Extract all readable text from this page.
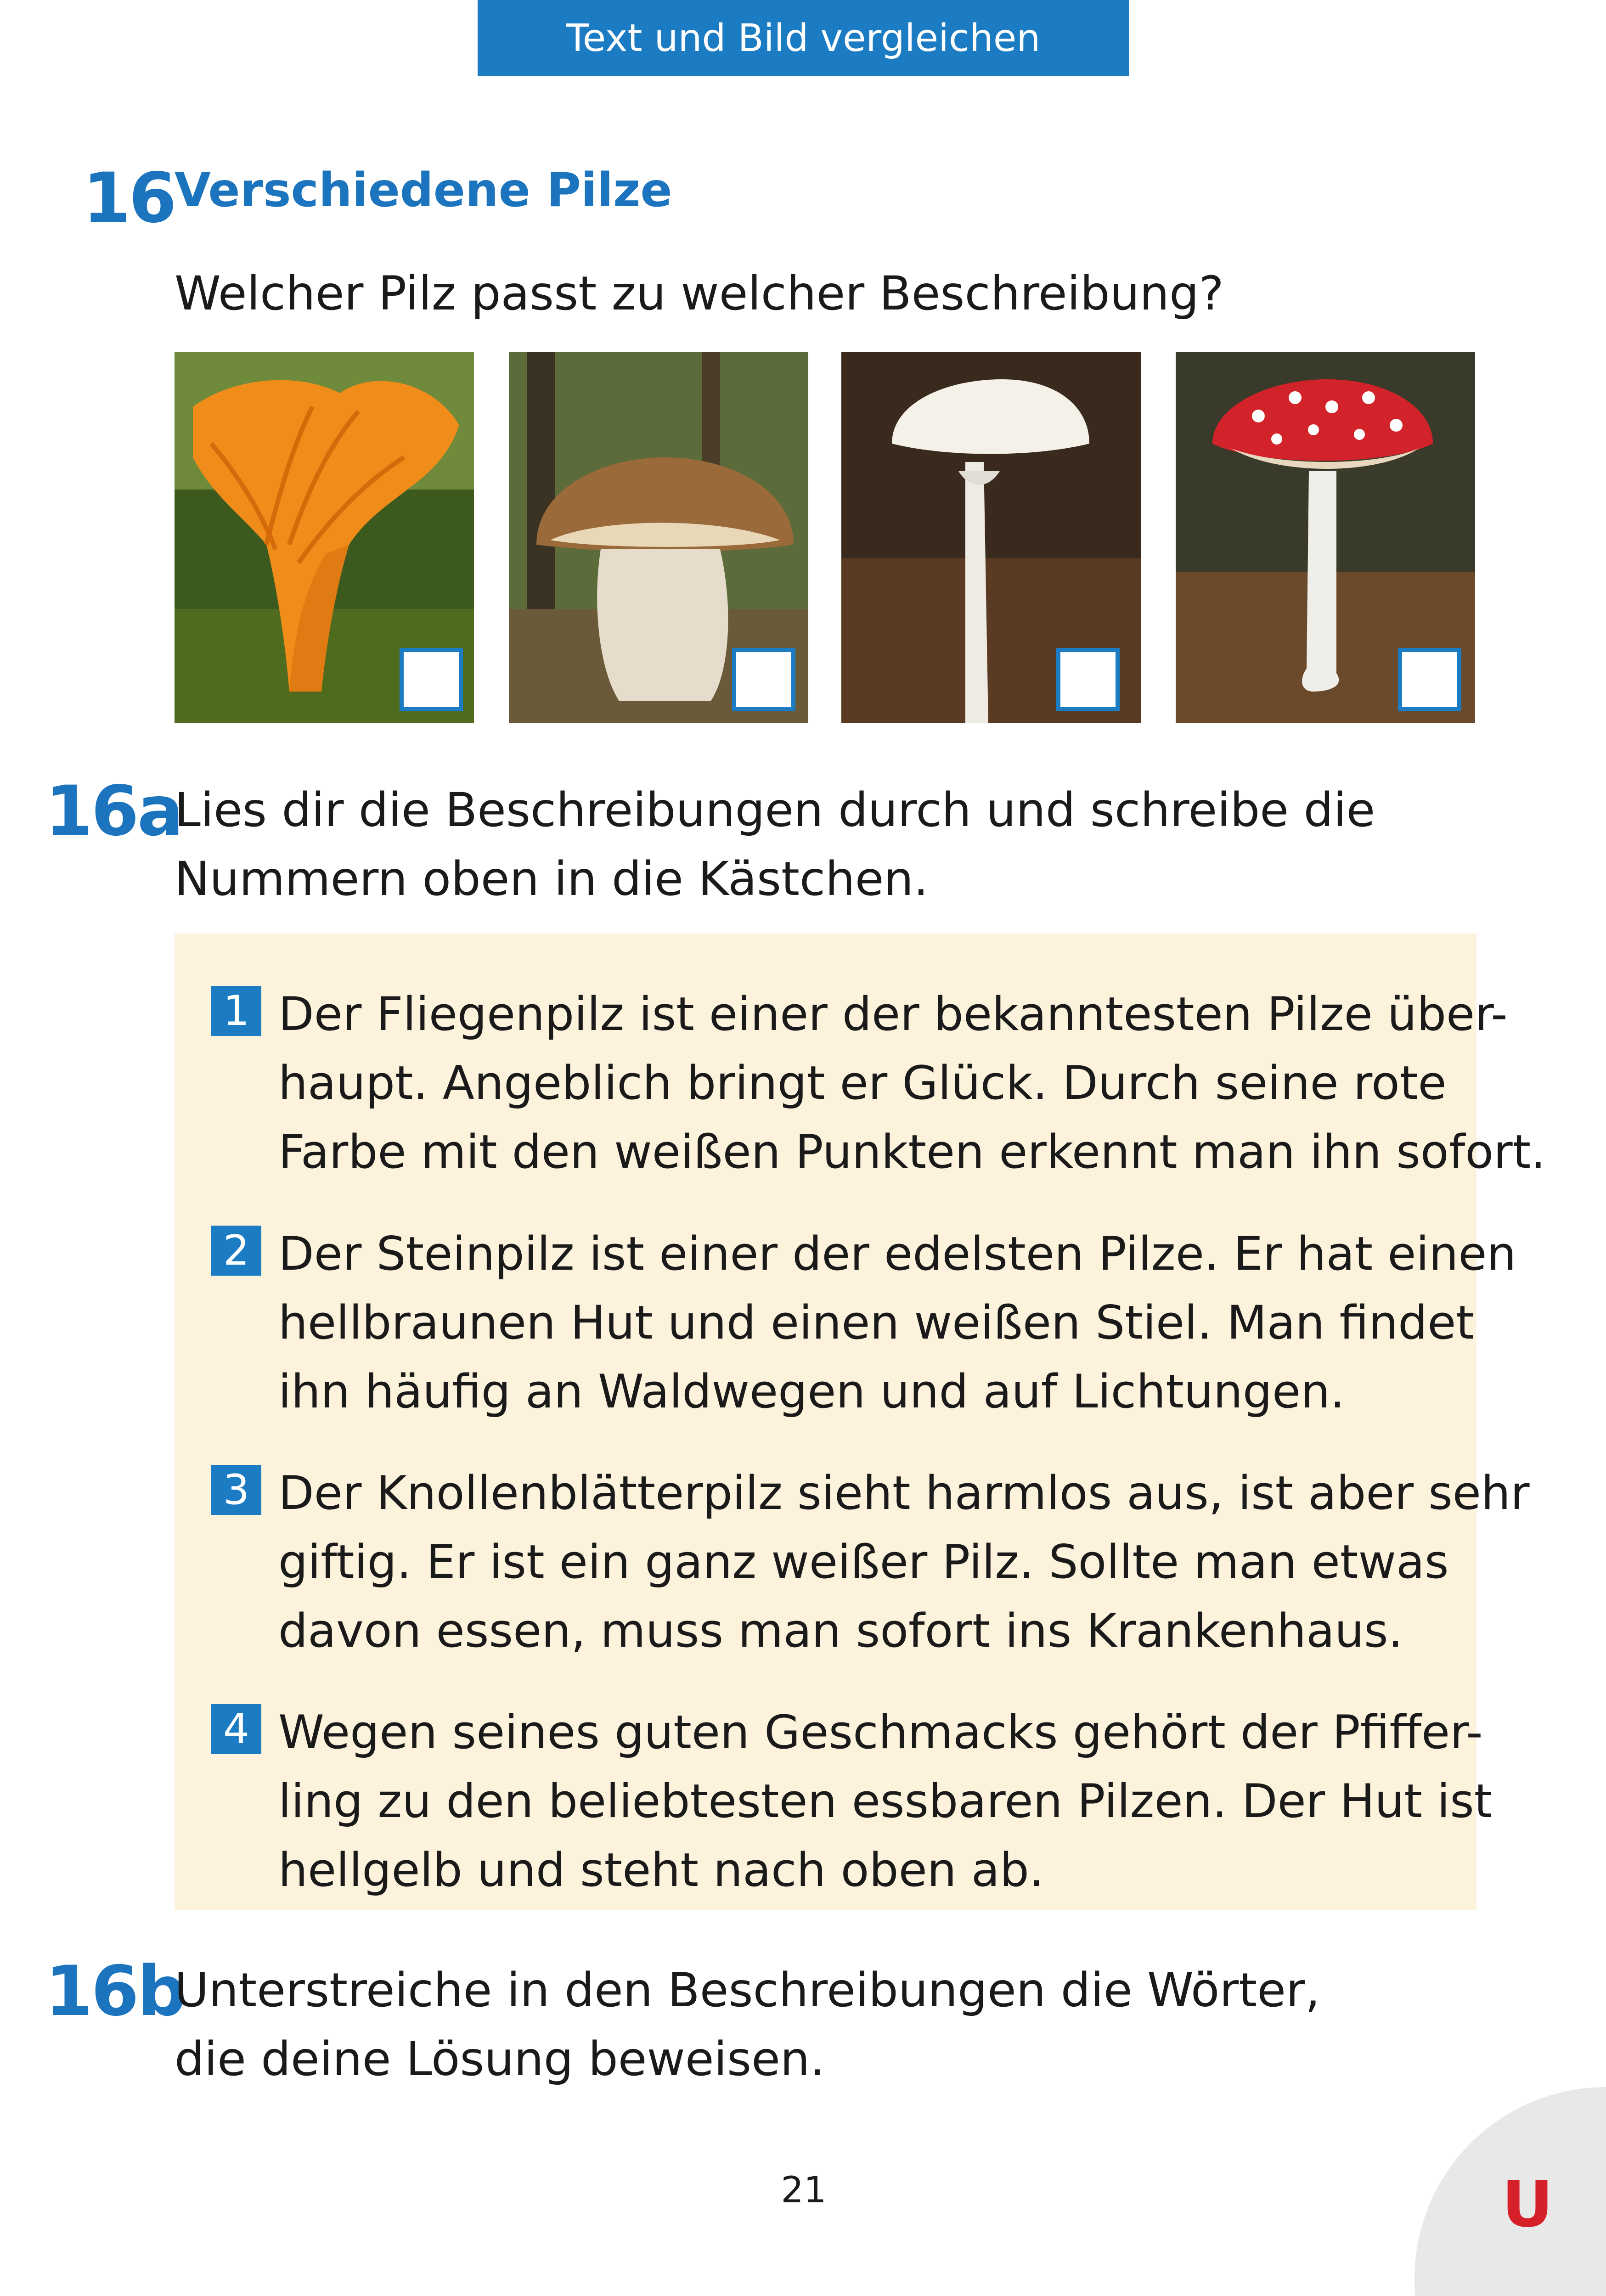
Text und Bild vergleichen
16 Verschiedene Pilze
Welcher Pilz passt zu welcher Beschreibung?
16a
Lies dir die Beschreibungen durch und schreibe die
Nummern oben in die Kästchen.
1 Der Fliegenpilz ist einer der bekanntesten Pilze über-
haupt. Angeblich bringt er Glück. Durch seine rote
Farbe mit den weißen Punkten erkennt man ihn sofort.
2 Der Steinpilz ist einer der edelsten Pilze. Er hat einen
hellbraunen Hut und einen weißen Stiel. Man findet
ihn häufig an Waldwegen und auf Lichtungen.
3 Der Knollenblätterpilz sieht harmlos aus, ist aber sehr
giftig. Er ist ein ganz weißer Pilz. Sollte man etwas
davon essen, muss man sofort ins Krankenhaus.
4 Wegen seines guten Geschmacks gehört der Pfiffer-
ling zu den beliebtesten essbaren Pilzen. Der Hut ist
hellgelb und steht nach oben ab.
16b
Unterstreiche in den Beschreibungen die Wörter,
die deine Lösung beweisen.
21	U
